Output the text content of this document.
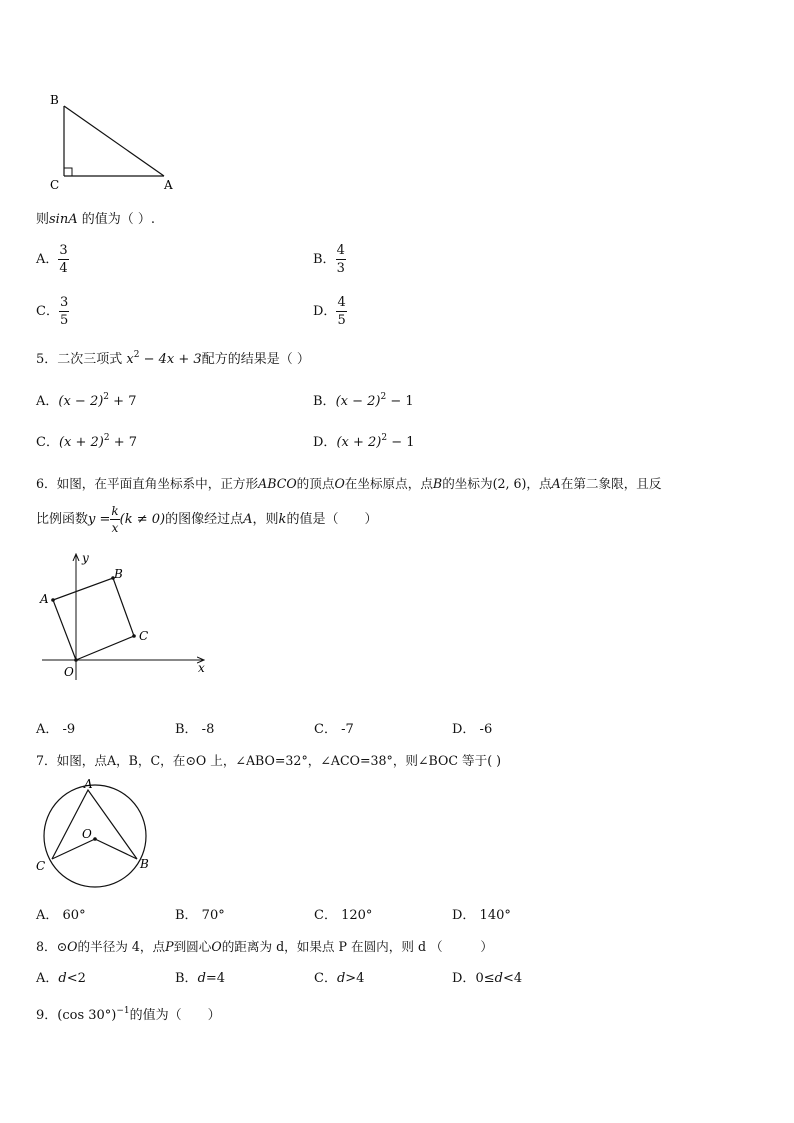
B
C	A
则sinA 的值为（ ）.
A． $\frac{3}{4}$	B． $\frac{4}{3}$
C． $\frac{3}{5}$	D． $\frac{4}{5}$
5．二次三项式 $x^2 - 4x + 3$配方的结果是（ ）
A．$(x - 2)^2 + 7$	B．$(x - 2)^2 - 1$
C．$(x + 2)^2 + 7$	D．$(x + 2)^2 - 1$
6．如图，在平面直角坐标系中，正方形ABCO的顶点O在坐标原点，点B的坐标为(2, 6)，点A在第二象限，且反
比例函数$y = \frac{k}{x} (k \ne 0)$的图像经过点A，则k的值是（　　）
y
B
A
C
O	x
A． -9	B． -8	C． -7	D． -6
7．如图，点A，B，C，在⊙O 上，∠ABO=32°，∠ACO=38°，则∠BOC 等于( )
A
O
C	B
A． 60°	B． 70°	C． 120°	D． 140°
8．⊙O的半径为 4，点P到圆心O的距离为 d，如果点 P 在圆内，则 d （　　　）
A．d<2	B．d=4	C．d>4	D．0≤d<4
9．(cos 30°)$^{-1}$的值为（　　）
